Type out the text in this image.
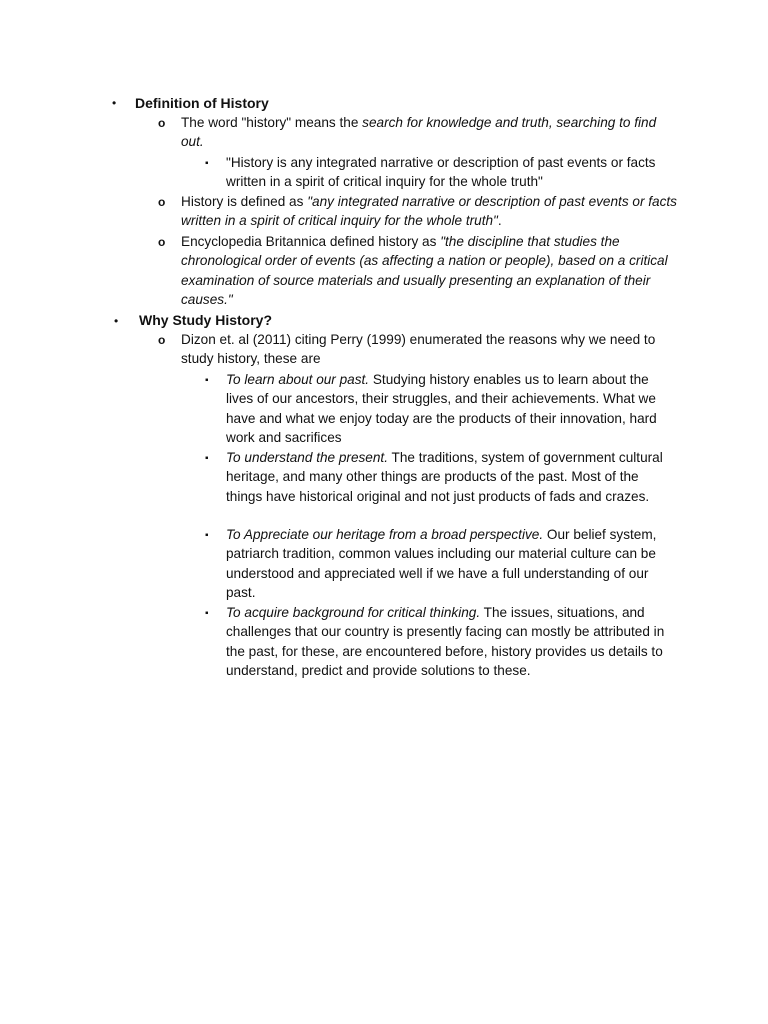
• Definition of History
o The word "history" means the search for knowledge and truth, searching to find out.
▪ "History is any integrated narrative or description of past events or facts written in a spirit of critical inquiry for the whole truth"
o History is defined as "any integrated narrative or description of past events or facts written in a spirit of critical inquiry for the whole truth".
o Encyclopedia Britannica defined history as "the discipline that studies the chronological order of events (as affecting a nation or people), based on a critical examination of source materials and usually presenting an explanation of their causes."
• Why Study History?
o Dizon et. al (2011) citing Perry (1999) enumerated the reasons why we need to study history, these are
▪ To learn about our past. Studying history enables us to learn about the lives of our ancestors, their struggles, and their achievements. What we have and what we enjoy today are the products of their innovation, hard work and sacrifices
▪ To understand the present. The traditions, system of government cultural heritage, and many other things are products of the past. Most of the things have historical original and not just products of fads and crazes.
▪ To Appreciate our heritage from a broad perspective. Our belief system, patriarch tradition, common values including our material culture can be understood and appreciated well if we have a full understanding of our past.
▪ To acquire background for critical thinking. The issues, situations, and challenges that our country is presently facing can mostly be attributed in the past, for these, are encountered before, history provides us details to understand, predict and provide solutions to these.
